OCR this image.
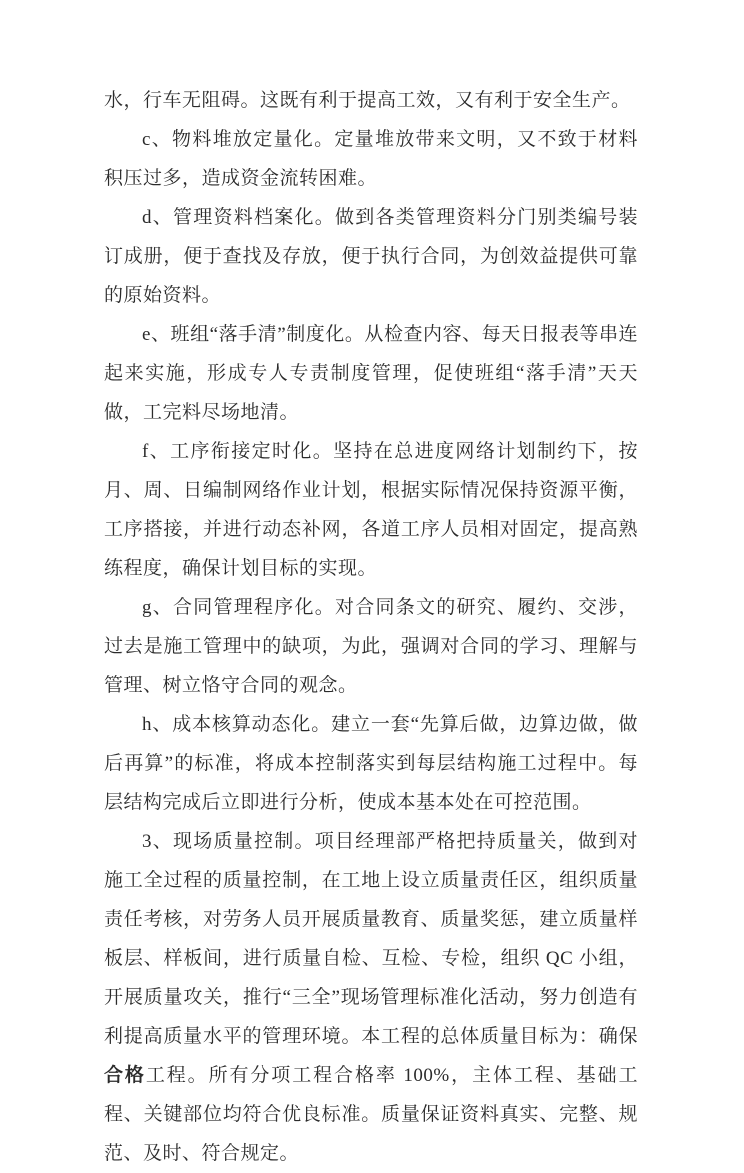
水，行车无阻碍。这既有利于提高工效，又有利于安全生产。

c、物料堆放定量化。定量堆放带来文明，又不致于材料积压过多，造成资金流转困难。

d、管理资料档案化。做到各类管理资料分门别类编号装订成册，便于查找及存放，便于执行合同，为创效益提供可靠的原始资料。

e、班组“落手清”制度化。从检查内容、每天日报表等串连起来实施，形成专人专责制度管理，促使班组“落手清”天天做，工完料尽场地清。

f、工序衔接定时化。坚持在总进度网络计划制约下，按月、周、日编制网络作业计划，根据实际情况保持资源平衡，工序搭接，并进行动态补网，各道工序人员相对固定，提高熟练程度，确保计划目标的实现。

g、合同管理程序化。对合同条文的研究、履约、交涉，过去是施工管理中的缺项，为此，强调对合同的学习、理解与管理、树立恪守合同的观念。

h、成本核算动态化。建立一套“先算后做，边算边做，做后再算”的标准，将成本控制落实到每层结构施工过程中。每层结构完成后立即进行分析，使成本基本处在可控范围。

3、现场质量控制。项目经理部严格把持质量关，做到对施工全过程的质量控制，在工地上设立质量责任区，组织质量责任考核，对劳务人员开展质量教育、质量奖惩，建立质量样板层、样板间，进行质量自检、互检、专检，组织 QC 小组，开展质量攻关，推行“三全”现场管理标准化活动，努力创造有利提高质量水平的管理环境。本工程的总体质量目标为：确保合格工程。所有分项工程合格率 100%，主体工程、基础工程、关键部位均符合优良标准。质量保证资料真实、完整、规范、及时、符合规定。
